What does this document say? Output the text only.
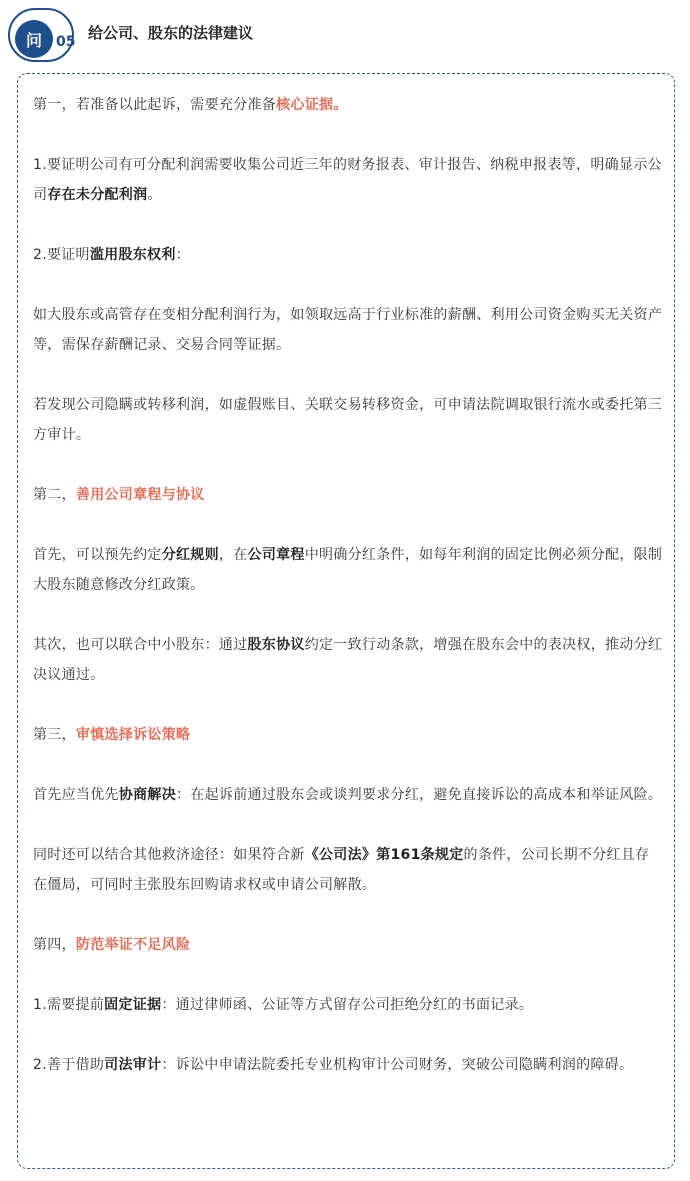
问	05 给公司、股东的法律建议

第一，若准备以此起诉，需要充分准备核心证据。

1.要证明公司有可分配利润需要收集公司近三年的财务报表、审计报告、纳税申报表等，明确显示公司存在未分配利润。

2.要证明滥用股东权利：

如大股东或高管存在变相分配利润行为，如领取远高于行业标准的薪酬、利用公司资金购买无关资产等，需保存薪酬记录、交易合同等证据。

若发现公司隐瞒或转移利润，如虚假账目、关联交易转移资金，可申请法院调取银行流水或委托第三方审计。

第二，善用公司章程与协议

首先，可以预先约定分红规则，在公司章程中明确分红条件，如每年利润的固定比例必须分配，限制大股东随意修改分红政策。

其次，也可以联合中小股东：通过股东协议约定一致行动条款，增强在股东会中的表决权，推动分红决议通过。

第三，审慎选择诉讼策略

首先应当优先协商解决：在起诉前通过股东会或谈判要求分红，避免直接诉讼的高成本和举证风险。

同时还可以结合其他救济途径：如果符合新《公司法》第161条规定的条件，公司长期不分红且存在僵局，可同时主张股东回购请求权或申请公司解散。

第四，防范举证不足风险

1.需要提前固定证据：通过律师函、公证等方式留存公司拒绝分红的书面记录。

2.善于借助司法审计：诉讼中申请法院委托专业机构审计公司财务，突破公司隐瞒利润的障碍。
